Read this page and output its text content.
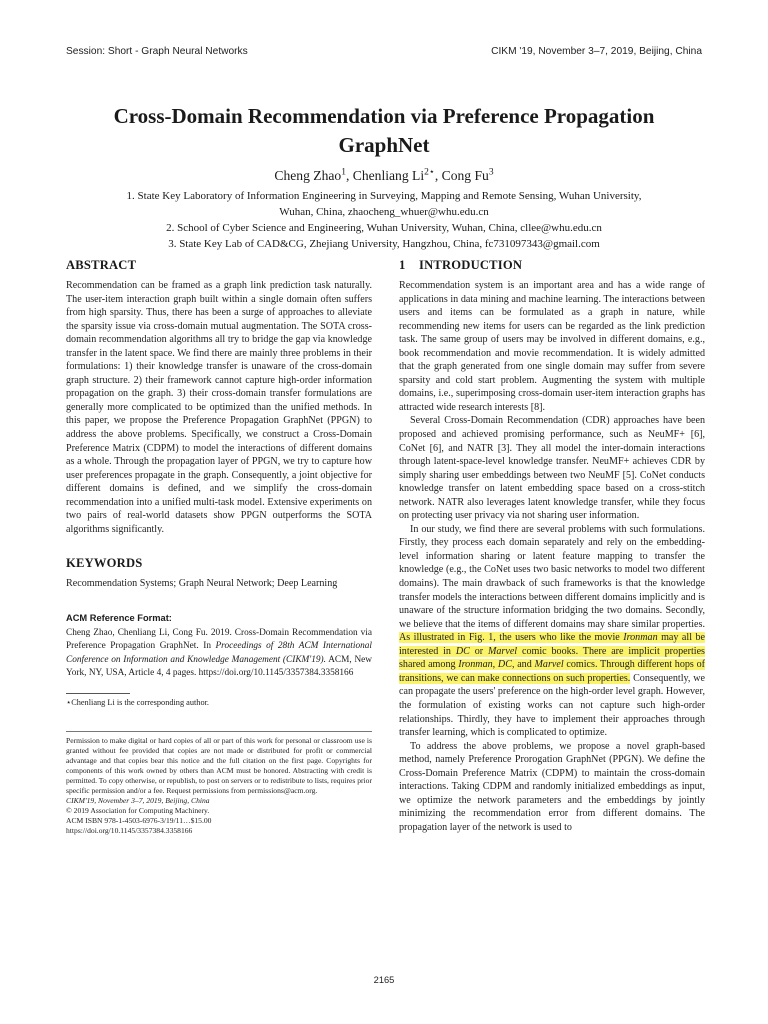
Session: Short - Graph Neural Networks	CIKM '19, November 3–7, 2019, Beijing, China
Cross-Domain Recommendation via Preference Propagation
GraphNet
Cheng Zhao$^1$, Chenliang $Li^{2⋆}$, Cong Fu$^3$
1. State Key Laboratory of Information Engineering in Surveying, Mapping and Remote Sensing, Wuhan University,
Wuhan, China, zhaocheng_whuer@whu.edu.cn
2. School of Cyber Science and Engineering, Wuhan University, Wuhan, China, cllee@whu.edu.cn
3. State Key Lab of CAD&CG, Zhejiang University, Hangzhou, China, fc731097343@gmail.com
ABSTRACT

Recommendation can be framed as a graph link prediction task naturally. The user-item interaction graph built within a single domain often suffers from high sparsity. Thus, there has been a surge of approaches to alleviate the sparsity issue via cross-domain mutual augmentation. The SOTA cross-domain recommendation algorithms all try to bridge the gap via knowledge transfer in the latent space. We find there are mainly three problems in their formulations: 1) their knowledge transfer is unaware of the cross-domain graph structure. 2) their framework cannot capture high-order information propagation on the graph. 3) their cross-domain transfer formulations are generally more complicated to be optimized than the unified methods. In this paper, we propose the Preference Propagation GraphNet (PPGN) to address the above problems. Specifically, we construct a Cross-Domain Preference Matrix (CDPM) to model the interactions of different domains as a whole. Through the propagation layer of PPGN, we try to capture how user preferences propagate in the graph. Consequently, a joint objective for different domains is defined, and we simplify the cross-domain recommendation into a unified multi-task model. Extensive experiments on two pairs of real-world datasets show PPGN outperforms the SOTA algorithms significantly.

KEYWORDS

Recommendation Systems; Graph Neural Network; Deep Learning

ACM Reference Format:

Cheng Zhao, Chenliang Li, Cong Fu. 2019. Cross-Domain Recommendation via Preference Propagation GraphNet. In Proceedings of 28th ACM International Conference on Information and Knowledge Management (CIKM'19). ACM, New York, NY, USA, Article 4, 4 pages. https://doi.org/10.1145/3357384.3358166

⋆Chenliang Li is the corresponding author.

Permission to make digital or hard copies of all or part of this work for personal or classroom use is granted without fee provided that copies are not made or distributed for profit or commercial advantage and that copies bear this notice and the full citation on the first page. Copyrights for components of this work owned by others than ACM must be honored. Abstracting with credit is permitted. To copy otherwise, or republish, to post on servers or to redistribute to lists, requires prior specific permission and/or a fee. Request permissions from permissions@acm.org.
CIKM'19, November 3–7, 2019, Beijing, China
© 2019 Association for Computing Machinery.
ACM ISBN 978-1-4503-6976-3/19/11…$15.00
https://doi.org/10.1145/3357384.3358166

1 INTRODUCTION

Recommendation system is an important area and has a wide range of applications in data mining and machine learning. The interactions between users and items can be formulated as a graph in nature, while recommending new items for users can be regarded as the link prediction task. The same group of users may be involved in different domains, e.g., book recommendation and movie recommendation. It is widely admitted that the graph generated from one single domain may suffer from severe sparsity and cold start problem. Augmenting the system with multiple domains, i.e., superimposing cross-domain user-item interaction graphs has attracted wide research interests [8].

Several Cross-Domain Recommendation (CDR) approaches have been proposed and achieved promising performance, such as NeuMF+ [6], CoNet [6], and NATR [3]. They all model the inter-domain interactions through latent-space-level knowledge transfer. NeuMF+ achieves CDR by simply sharing user embeddings between two NeuMF [5]. CoNet conducts knowledge transfer on latent embedding space based on a cross-stitch network. NATR also leverages latent knowledge transfer, while they focus on protecting user privacy via not sharing user information.

In our study, we find there are several problems with such formulations. Firstly, they process each domain separately and rely on the embedding-level information sharing or latent feature mapping to transfer the knowledge (e.g., the CoNet uses two basic networks to model two different domains). The main drawback of such frameworks is that the knowledge transfer models the interactions between different domains implicitly and is unaware of the structure information bridging the two domains. Secondly, we believe that the items of different domains may share similar properties. As illustrated in Fig. 1, the users who like the movie Ironman may all be interested in DC or Marvel comic books. There are implicit properties shared among Ironman, DC, and Marvel comics. Through different hops of transitions, we can make connections on such properties. Consequently, we can propagate the users' preference on the high-order level graph. However, the formulation of existing works can not capture such high-order relationships. Thirdly, they have to implement their approaches through transfer learning, which is complicated to optimize.

To address the above problems, we propose a novel graph-based method, namely Preference Prorogation GraphNet (PPGN). We define the Cross-Domain Preference Matrix (CDPM) to maintain the cross-domain interactions. Taking CDPM and randomly initialized embeddings as input, we optimize the network parameters and the embeddings by jointly minimizing the recommendation error from different domains. The propagation layer of the network is used to

2165
